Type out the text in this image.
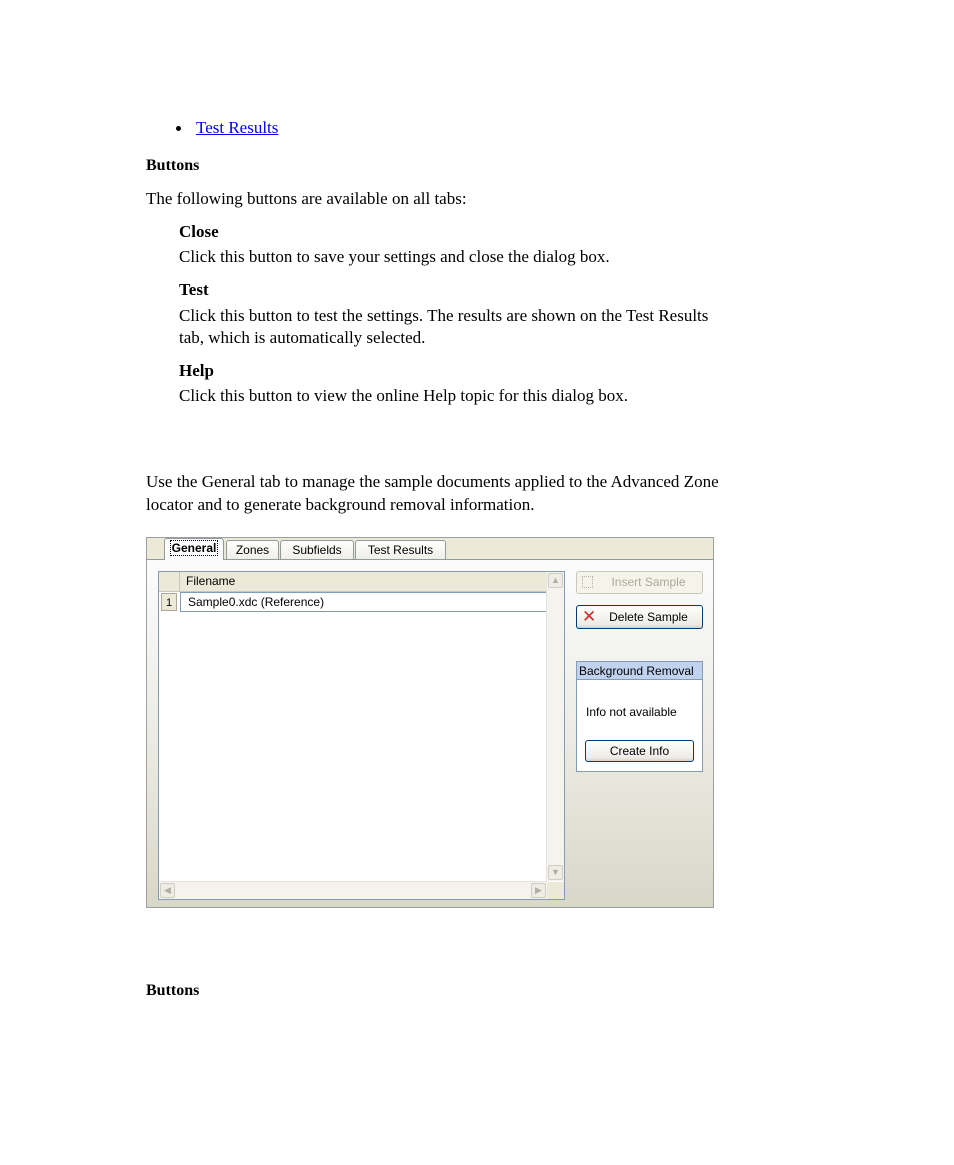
Test Results
Buttons
The following buttons are available on all tabs:
Close
Click this button to save your settings and close the dialog box.
Test
Click this button to test the settings. The results are shown on the Test Results
tab, which is automatically selected.
Help
Click this button to view the online Help topic for this dialog box.
Use the General tab to manage the sample documents applied to the Advanced Zone
locator and to generate background removal information.
General	Zones	Subfields	Test Results
Filename
1	Sample0.xdc (Reference)
▲
▼
◀	▶
Insert Sample
✕ Delete Sample
Background Removal
Info not available
Create Info
Buttons
